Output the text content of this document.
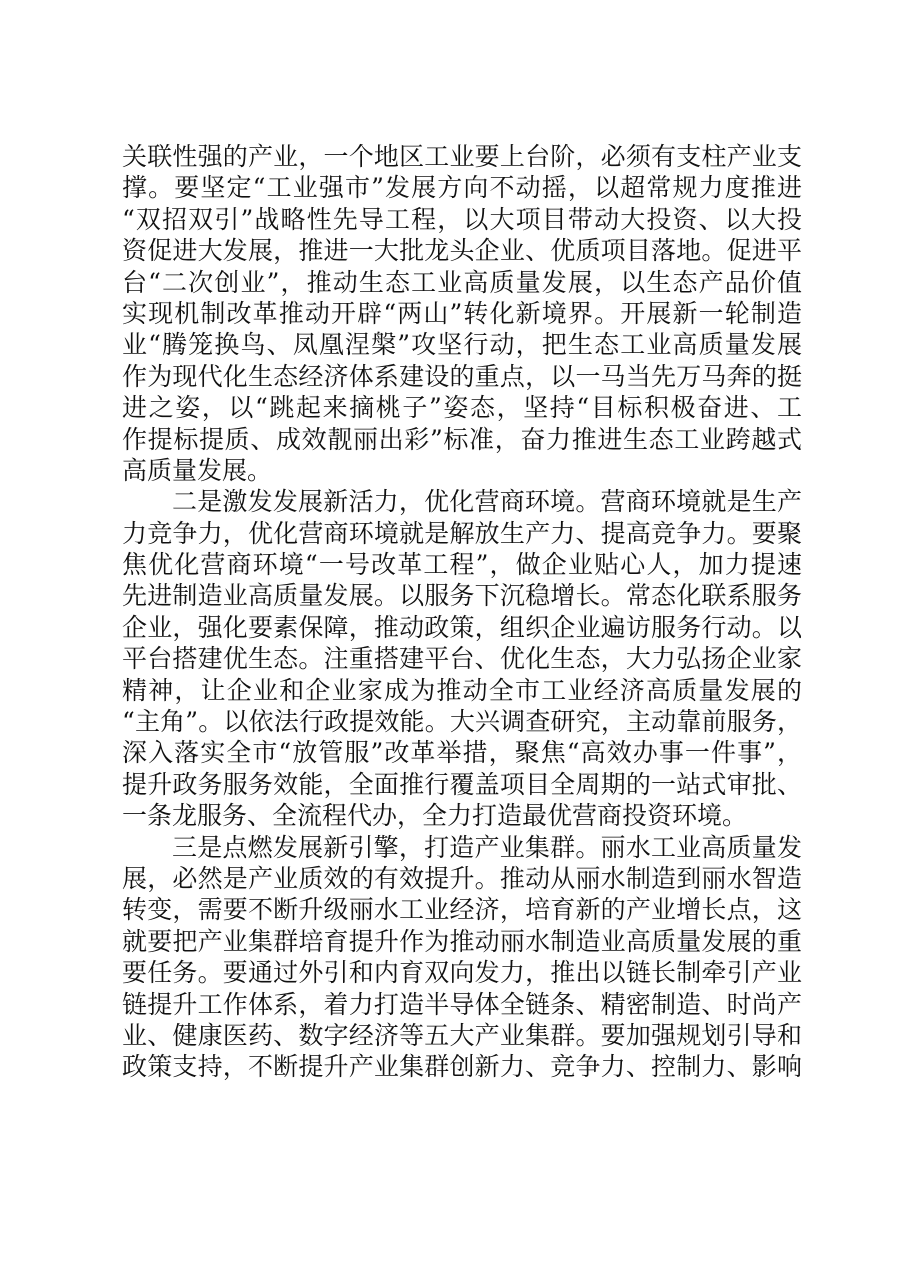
关联性强的产业，一个地区工业要上台阶，必须有支柱产业支
撑。要坚定“工业强市”发展方向不动摇，以超常规力度推进
“双招双引”战略性先导工程，以大项目带动大投资、以大投
资促进大发展，推进一大批龙头企业、优质项目落地。促进平
台“二次创业”，推动生态工业高质量发展，以生态产品价值
实现机制改革推动开辟“两山”转化新境界。开展新一轮制造
业“腾笼换鸟、凤凰涅槃”攻坚行动，把生态工业高质量发展
作为现代化生态经济体系建设的重点，以一马当先万马奔的挺
进之姿，以“跳起来摘桃子”姿态，坚持“目标积极奋进、工
作提标提质、成效靓丽出彩”标准，奋力推进生态工业跨越式
高质量发展。
二是激发发展新活力，优化营商环境。营商环境就是生产
力竞争力，优化营商环境就是解放生产力、提高竞争力。要聚
焦优化营商环境“一号改革工程”，做企业贴心人，加力提速
先进制造业高质量发展。以服务下沉稳增长。常态化联系服务
企业，强化要素保障，推动政策，组织企业遍访服务行动。以
平台搭建优生态。注重搭建平台、优化生态，大力弘扬企业家
精神，让企业和企业家成为推动全市工业经济高质量发展的
“主角”。以依法行政提效能。大兴调查研究，主动靠前服务，
深入落实全市“放管服”改革举措，聚焦“高效办事一件事”，
提升政务服务效能，全面推行覆盖项目全周期的一站式审批、
一条龙服务、全流程代办，全力打造最优营商投资环境。
三是点燃发展新引擎，打造产业集群。丽水工业高质量发
展，必然是产业质效的有效提升。推动从丽水制造到丽水智造
转变，需要不断升级丽水工业经济，培育新的产业增长点，这
就要把产业集群培育提升作为推动丽水制造业高质量发展的重
要任务。要通过外引和内育双向发力，推出以链长制牵引产业
链提升工作体系，着力打造半导体全链条、精密制造、时尚产
业、健康医药、数字经济等五大产业集群。要加强规划引导和
政策支持，不断提升产业集群创新力、竞争力、控制力、影响
